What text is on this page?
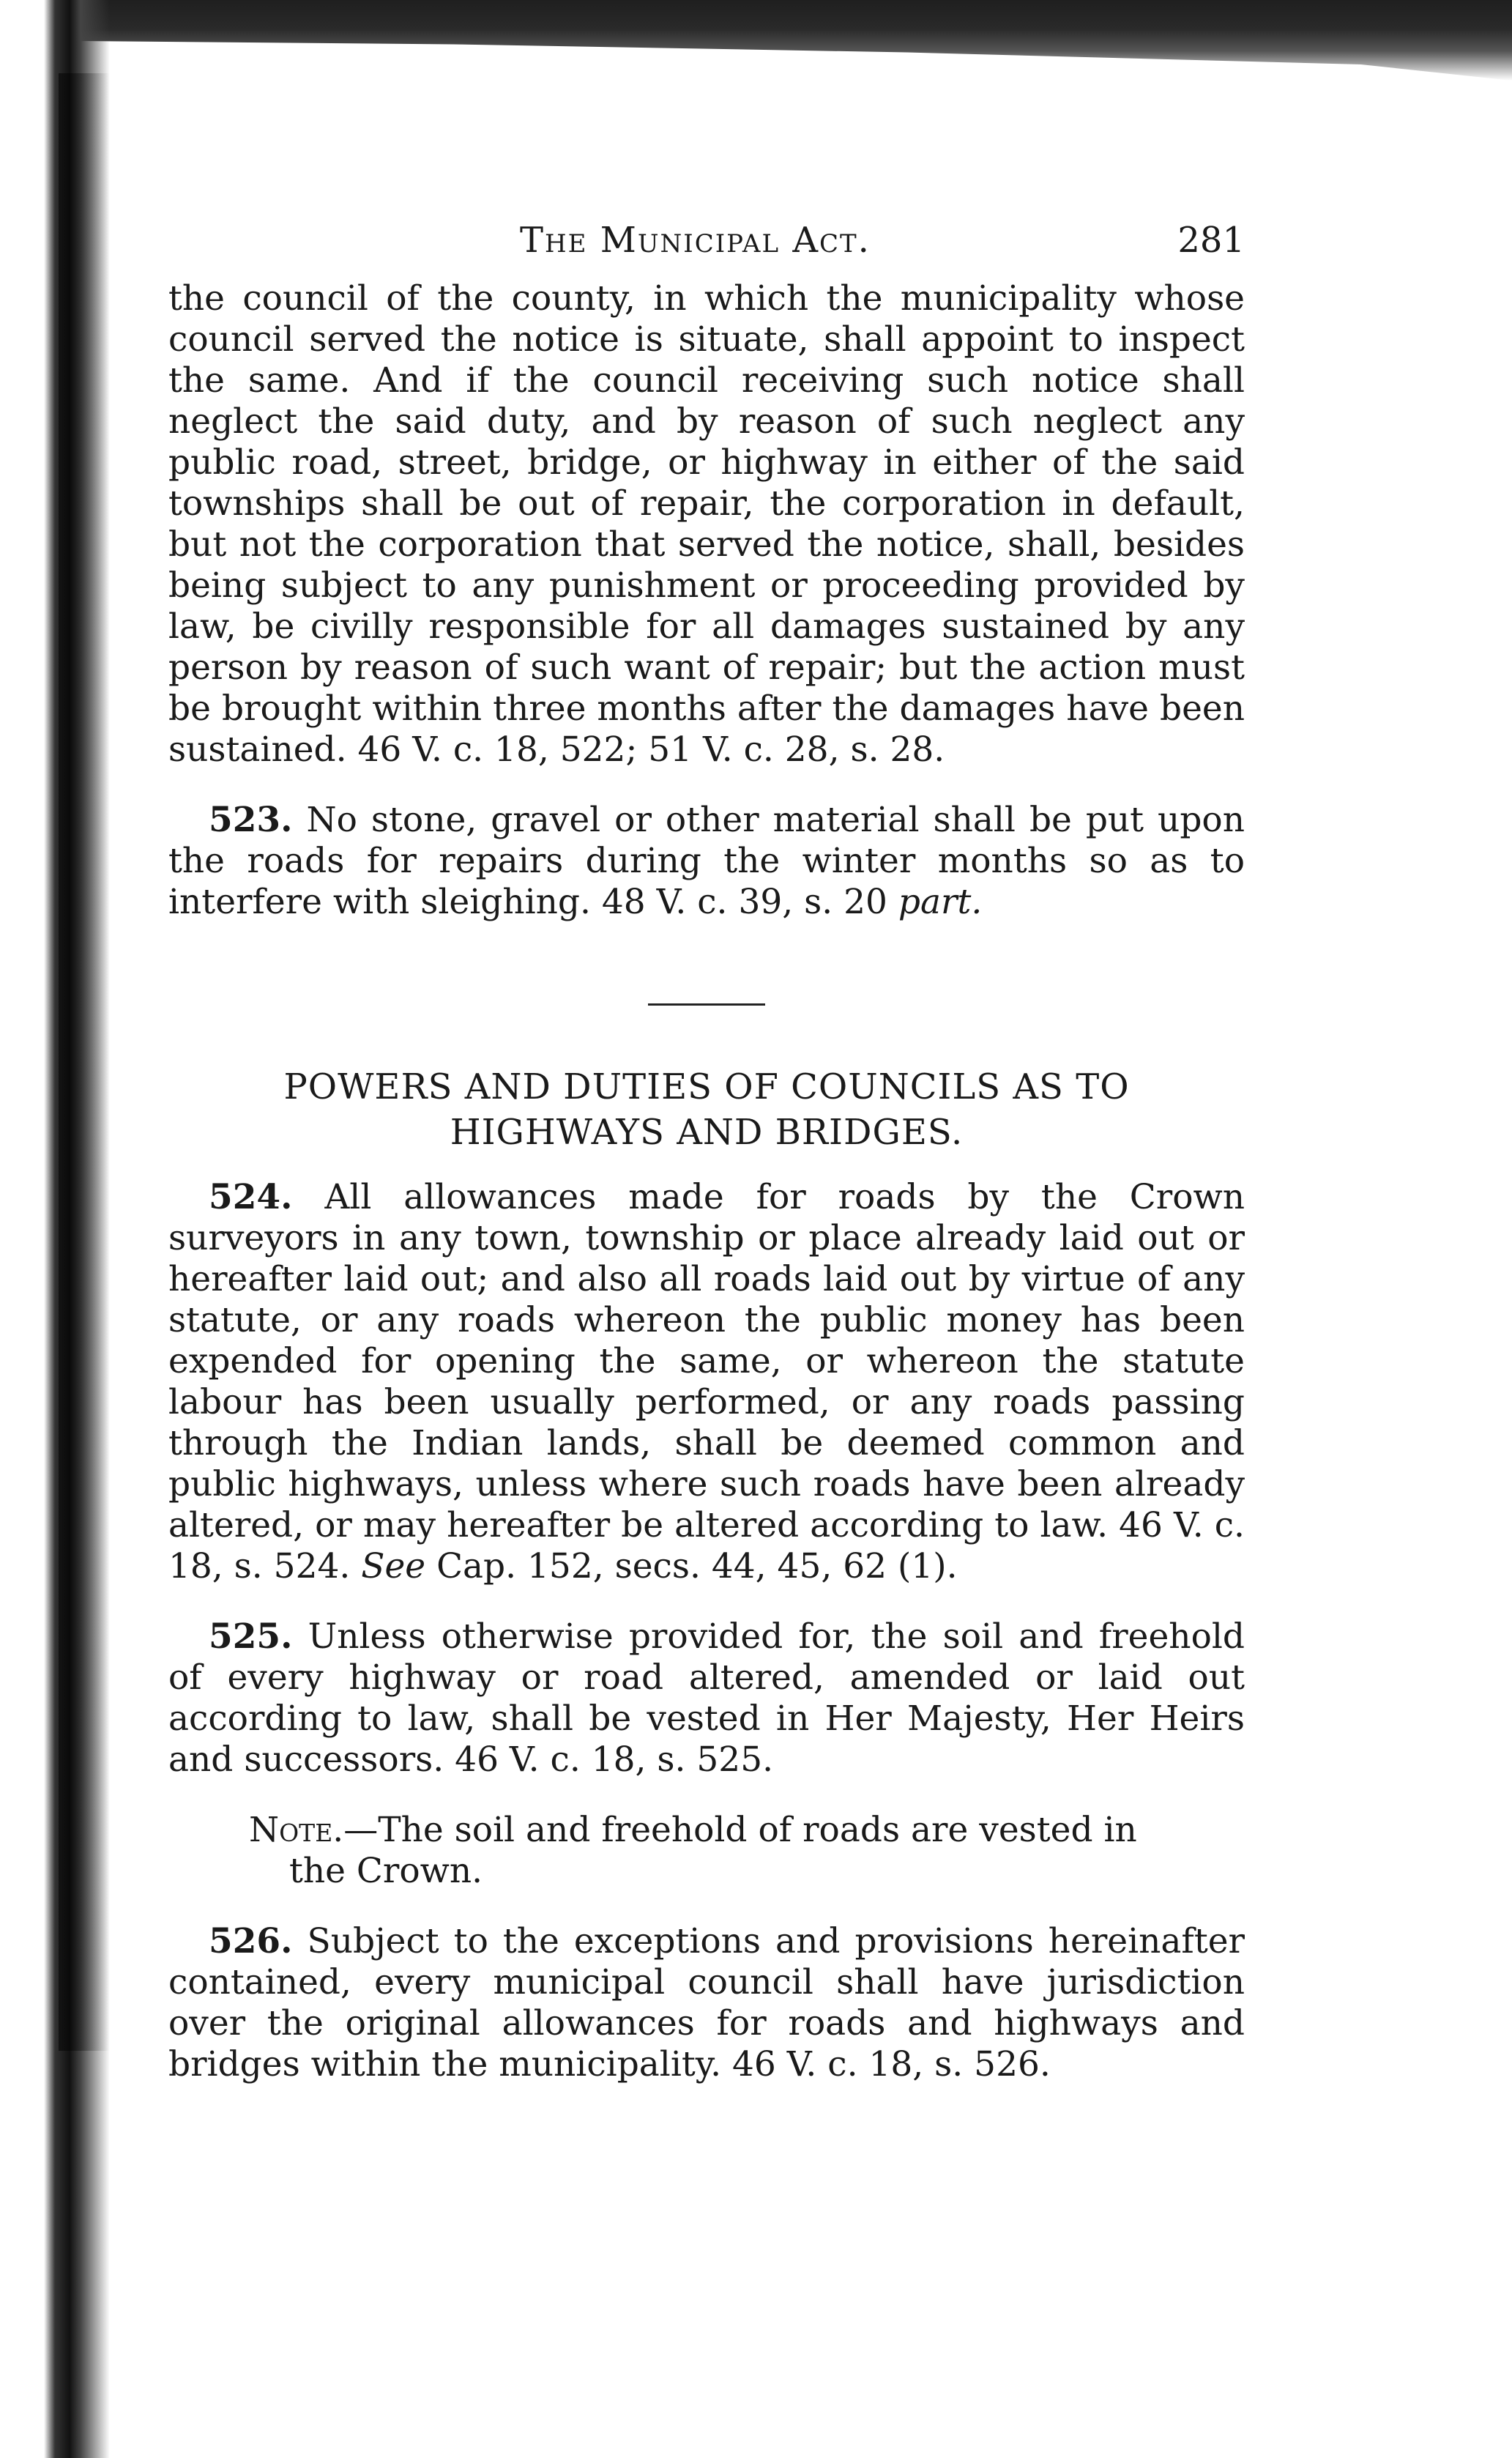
The Municipal Act.	281

the council of the county, in which the municipality whose council served the notice is situate, shall appoint to inspect the same. And if the council receiving such notice shall neglect the said duty, and by reason of such neglect any public road, street, bridge, or highway in either of the said townships shall be out of repair, the corporation in default, but not the corporation that served the notice, shall, besides being subject to any punishment or proceeding provided by law, be civilly responsible for all damages sustained by any person by reason of such want of repair; but the action must be brought within three months after the damages have been sustained. 46 V. c. 18, 522; 51 V. c. 28, s. 28.

523. No stone, gravel or other material shall be put upon the roads for repairs during the winter months so as to interfere with sleighing. 48 V. c. 39, s. 20 part.

POWERS AND DUTIES OF COUNCILS AS TO
HIGHWAYS AND BRIDGES.

524. All allowances made for roads by the Crown surveyors in any town, township or place already laid out or hereafter laid out; and also all roads laid out by virtue of any statute, or any roads whereon the public money has been expended for opening the same, or whereon the statute labour has been usually performed, or any roads passing through the Indian lands, shall be deemed common and public highways, unless where such roads have been already altered, or may hereafter be altered according to law. 46 V. c. 18, s. 524. See Cap. 152, secs. 44, 45, 62 (1).

525. Unless otherwise provided for, the soil and freehold of every highway or road altered, amended or laid out according to law, shall be vested in Her Majesty, Her Heirs and successors. 46 V. c. 18, s. 525.

Note.—The soil and freehold of roads are vested in
the Crown.

526. Subject to the exceptions and provisions hereinafter contained, every municipal council shall have jurisdiction over the original allowances for roads and highways and bridges within the municipality. 46 V. c. 18, s. 526.
